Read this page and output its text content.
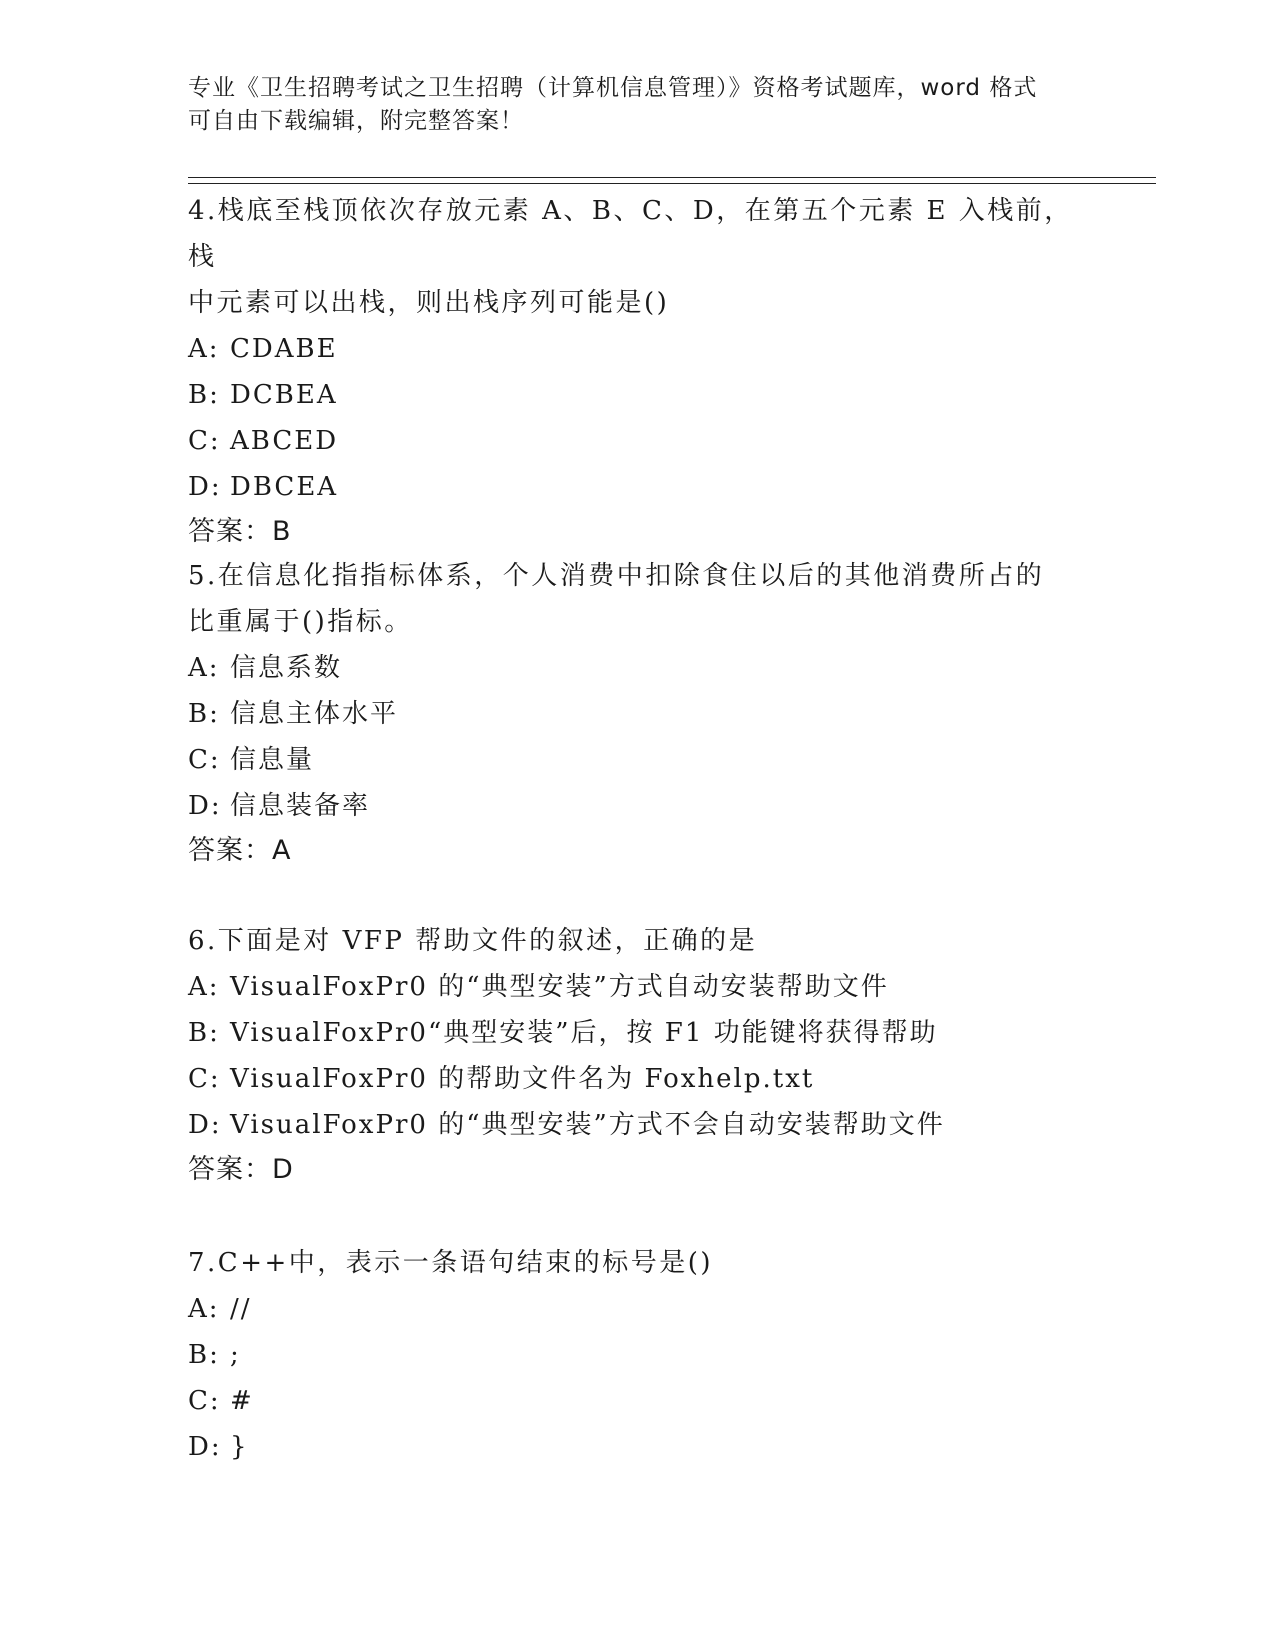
专业《卫生招聘考试之卫生招聘（计算机信息管理）》资格考试题库，word 格式
可自由下载编辑，附完整答案！
4.栈底至栈顶依次存放元素 A、B、C、D，在第五个元素 E 入栈前，栈
中元素可以出栈，则出栈序列可能是()
A: CDABE
B: DCBEA
C: ABCED
D: DBCEA
答案：B
5.在信息化指指标体系，个人消费中扣除食住以后的其他消费所占的
比重属于()指标。
A: 信息系数
B: 信息主体水平
C: 信息量
D: 信息装备率
答案：A
6.下面是对 VFP 帮助文件的叙述，正确的是
A: VisualFoxPr0 的“典型安装”方式自动安装帮助文件
B: VisualFoxPr0“典型安装”后，按 F1 功能键将获得帮助
C: VisualFoxPr0 的帮助文件名为 Foxhelp.txt
D: VisualFoxPr0 的“典型安装”方式不会自动安装帮助文件
答案：D
7.C++中，表示一条语句结束的标号是()
A: //
B: ;
C: #
D: }
